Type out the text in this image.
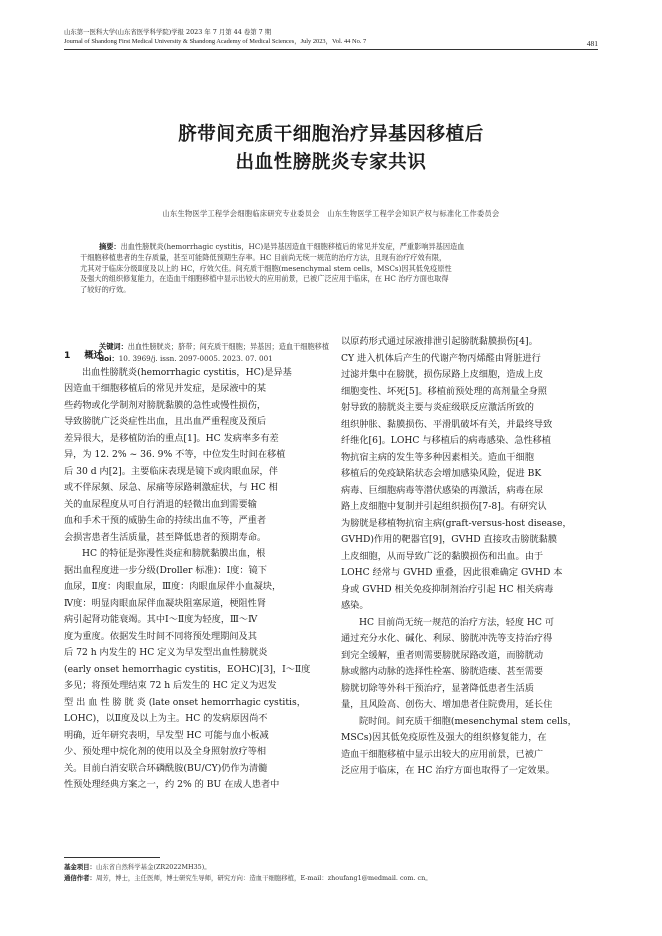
山东第一医科大学(山东省医学科学院)学报 2023 年 7 月第 44 卷第 7 期
Journal of Shandong First Medical University & Shandong Academy of Medical Sciences，July 2023，Vol. 44 No. 7	481
脐带间充质干细胞治疗异基因移植后
出血性膀胱炎专家共识
山东生物医学工程学会细胞临床研究专业委员会　山东生物医学工程学会知识产权与标准化工作委员会
摘要：出血性膀胱炎(hemorrhagic cystitis，HC)是异基因造血干细胞移植后的常见并发症，严重影响异基因造血
干细胞移植患者的生存质量，甚至可能降低预期生存率。HC 目前尚无统一规范的治疗方法，且现有治疗疗效有限，
尤其对于临床分级Ⅱ度及以上的 HC，疗效欠佳。间充质干细胞(mesenchymal stem cells，MSCs)因其低免疫原性
及强大的组织修复能力，在造血干细胞移植中显示出较大的应用前景，已被广泛应用于临床，在 HC 治疗方面也取得
了较好的疗效。
关键词：出血性膀胱炎；脐带；间充质干细胞；异基因；造血干细胞移植
doi：10. 3969/j. issn. 2097-0005. 2023. 07. 001
1 概述
出血性膀胱炎(hemorrhagic cystitis，HC)是异基
因造血干细胞移植后的常见并发症，是尿液中的某
些药物或化学制剂对膀胱黏膜的急性或慢性损伤，
导致膀胱广泛炎症性出血，且出血严重程度及预后
差异很大，是移植防治的重点[1]。HC 发病率多有差
异，为 12. 2% ~ 36. 9% 不等，中位发生时间在移植
后 30 d 内[2]。主要临床表现是镜下或肉眼血尿，伴
或不伴尿频、尿急、尿痛等尿路刺激症状，与 HC 相
关的血尿程度从可自行消退的轻微出血到需要输
血和手术干预的威胁生命的持续出血不等，严重者
会损害患者生活质量，甚至降低患者的预期寿命。
HC 的特征是弥漫性炎症和膀胱黏膜出血，根
据出血程度进一步分级(Droller 标准)：Ⅰ度：镜下
血尿，Ⅱ度：肉眼血尿，Ⅲ度：肉眼血尿伴小血凝块，
Ⅳ度：明显肉眼血尿伴血凝块阻塞尿道，梗阻性肾
病引起肾功能衰竭。其中Ⅰ～Ⅱ度为轻度，Ⅲ～Ⅳ
度为重度。依据发生时间不同将预处理期间及其
后 72 h 内发生的 HC 定义为早发型出血性膀胱炎
(early onset hemorrhagic cystitis，EOHC)[3]，Ⅰ～Ⅱ度
多见；将预处理结束 72 h 后发生的 HC 定义为迟发
型 出 血 性 膀 胱 炎 (late onset hemorrhagic cystitis，
LOHC)，以Ⅱ度及以上为主。HC 的发病原因尚不
明确，近年研究表明，早发型 HC 可能与血小板减
少、预处理中烷化剂的使用以及全身照射放疗等相
关。目前白消安联合环磷酰胺(BU/CY)仍作为清髓
性预处理经典方案之一，约 2% 的 BU 在成人患者中
以原药形式通过尿液排泄引起膀胱黏膜损伤[4]。
CY 进入机体后产生的代谢产物丙烯醛由肾脏进行
过滤并集中在膀胱，损伤尿路上皮细胞，造成上皮
细胞变性、坏死[5]。移植前预处理的高剂量全身照
射导致的膀胱炎主要与炎症级联反应激活所致的
组织肿胀、黏膜损伤、平滑肌破坏有关，并最终导致
纤维化[6]。LOHC 与移植后的病毒感染、急性移植
物抗宿主病的发生等多种因素相关。造血干细胞
移植后的免疫缺陷状态会增加感染风险，促进 BK
病毒、巨细胞病毒等潜伏感染的再激活，病毒在尿
路上皮细胞中复制并引起组织损伤[7-8]。有研究认
为膀胱是移植物抗宿主病(graft-versus-host disease，
GVHD)作用的靶器官[9]，GVHD 直接攻击膀胱黏膜
上皮细胞，从而导致广泛的黏膜损伤和出血。由于
LOHC 经常与 GVHD 重叠，因此很难确定 GVHD 本
身或 GVHD 相关免疫抑制剂治疗引起 HC 相关病毒
感染。
HC 目前尚无统一规范的治疗方法，轻度 HC 可
通过充分水化、碱化、利尿、膀胱冲洗等支持治疗得
到完全缓解，重者则需要膀胱尿路改道，而膀胱动
脉或髂内动脉的选择性栓塞、膀胱造瘘、甚至需要
膀胱切除等外科干预治疗，显著降低患者生活质
量，且风险高、创伤大、增加患者住院费用，延长住
院时间。间充质干细胞(mesenchymal stem cells，
MSCs)因其低免疫原性及强大的组织修复能力，在
造血干细胞移植中显示出较大的应用前景，已被广
泛应用于临床，在 HC 治疗方面也取得了一定效果。
基金项目：山东省自然科学基金(ZR2022MH35)。
通信作者：周芳，博士，主任医师，博士研究生导师，研究方向：造血干细胞移植，E-mail：zhoufang1@medmail. com. cn。
